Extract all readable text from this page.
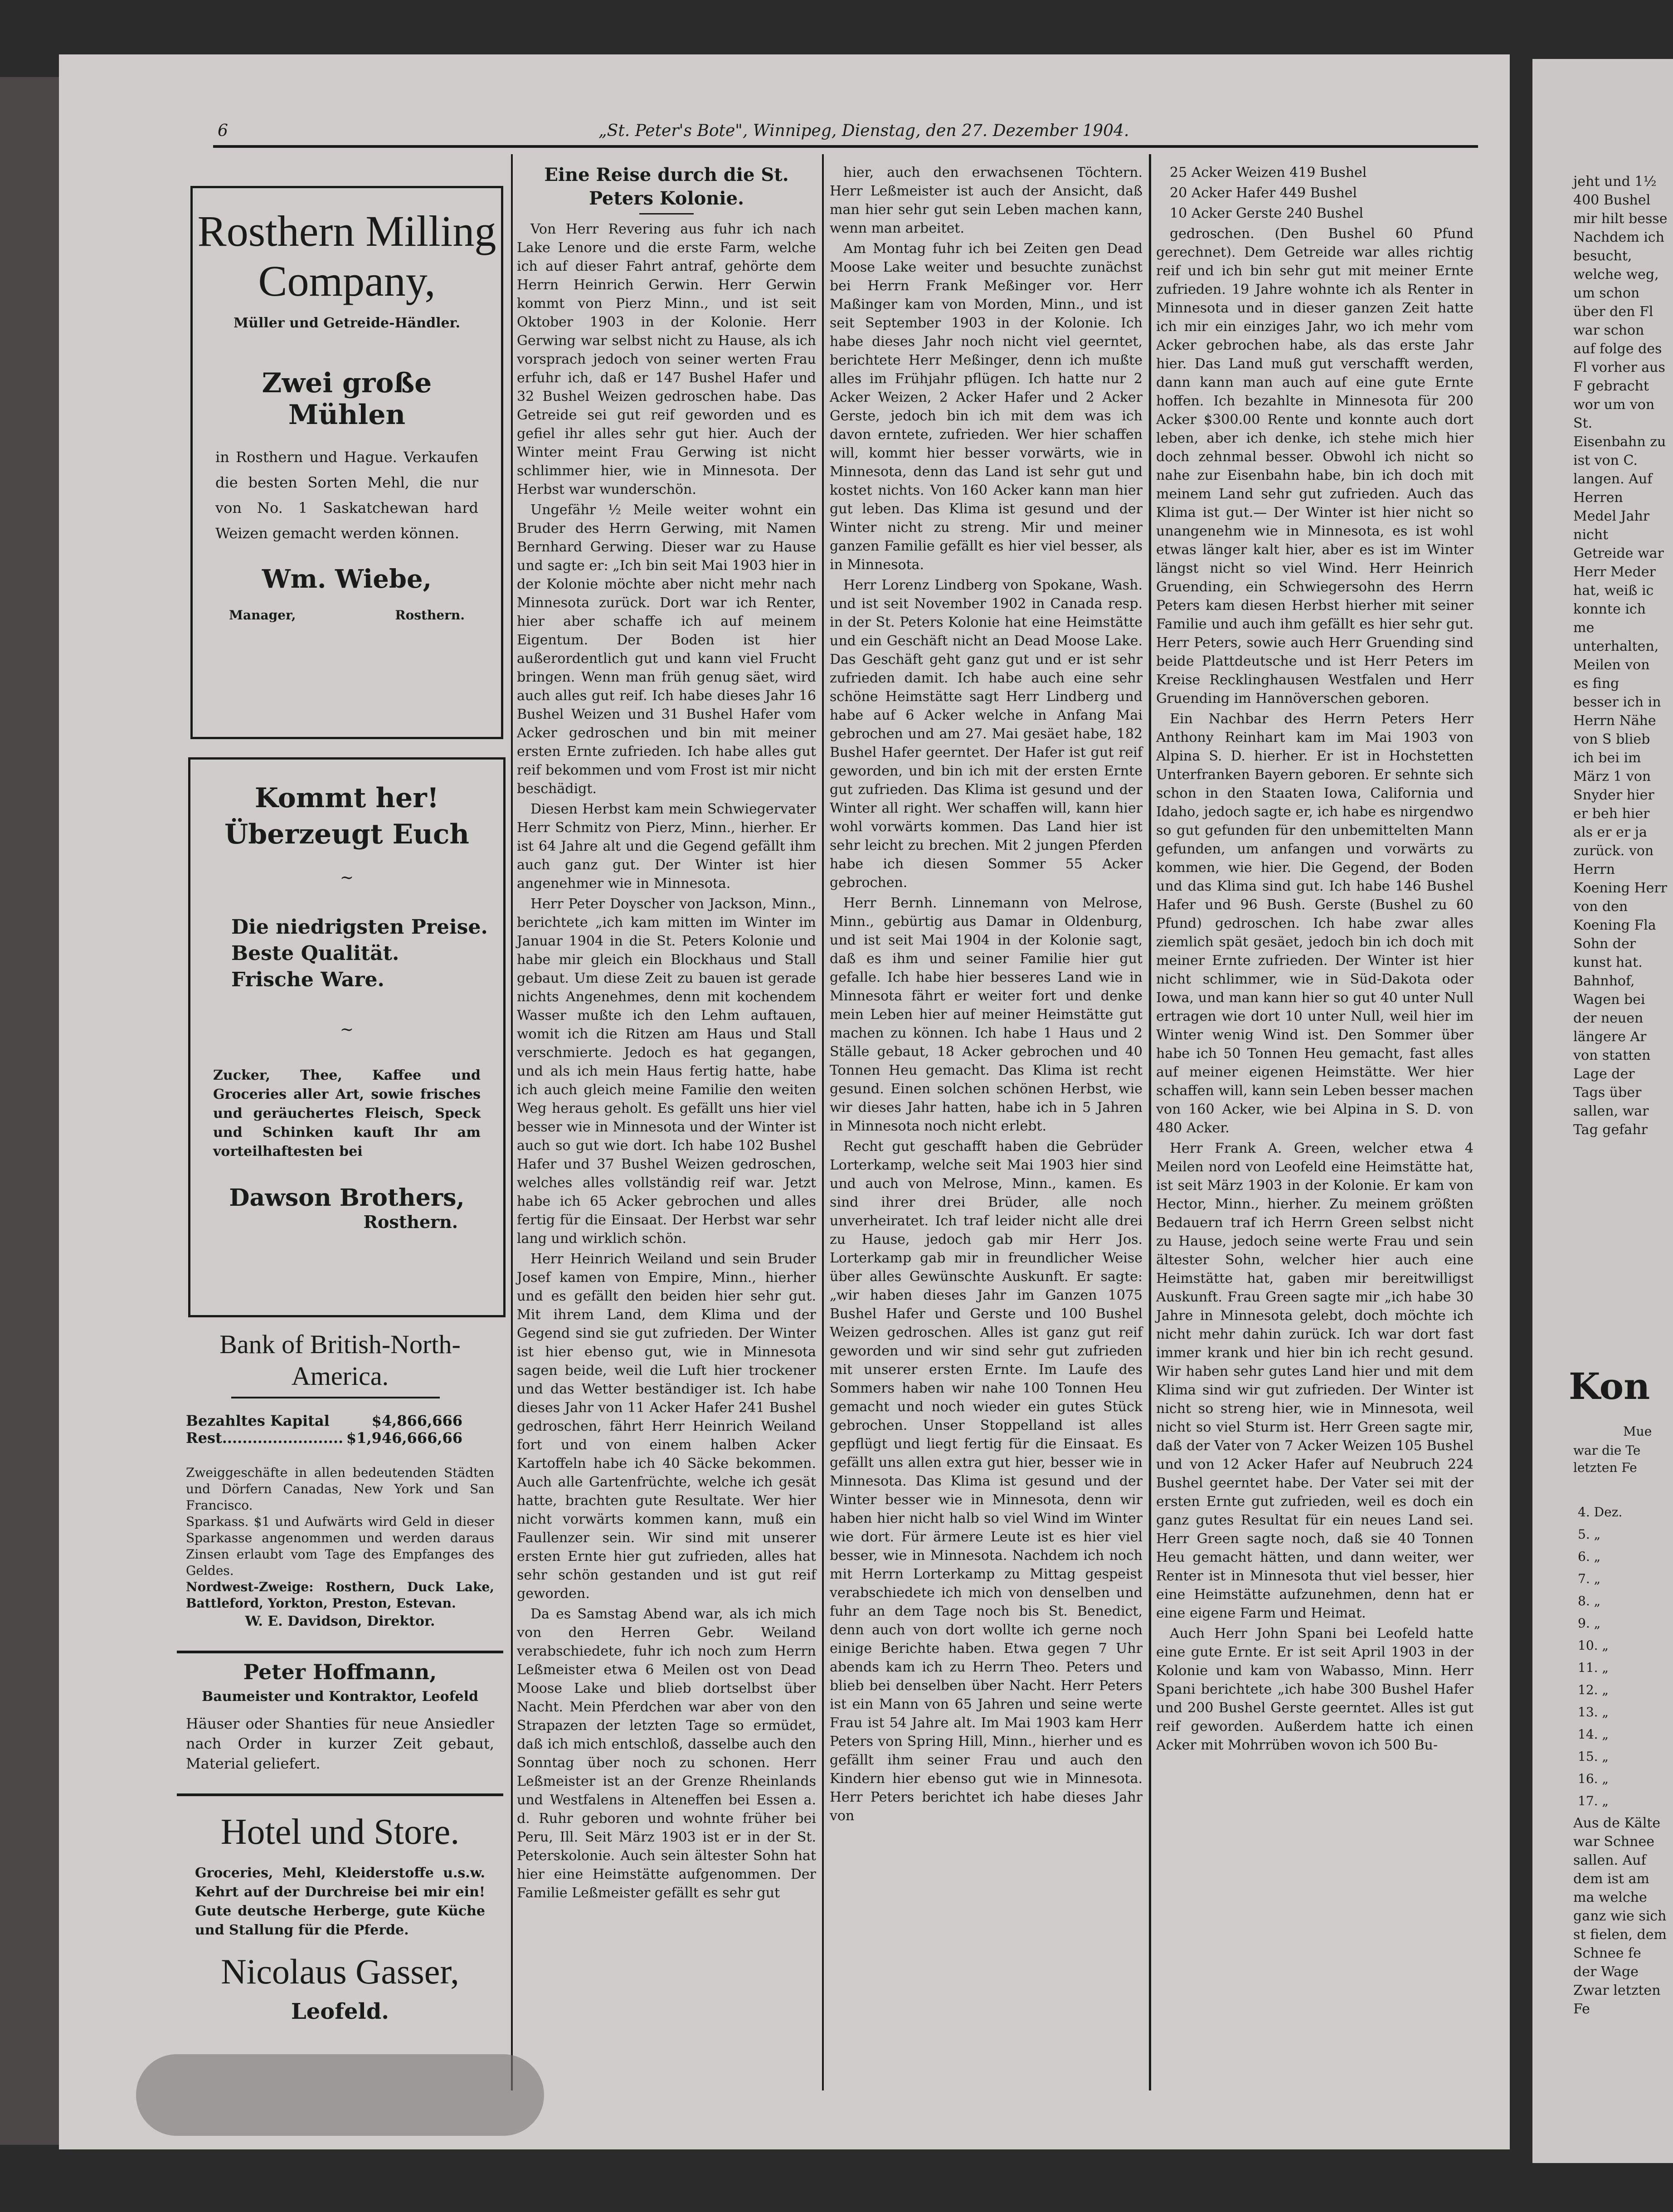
jeht und 1½ 400 Bushel mir hilt besse Nachdem ich besucht, welche weg, um schon über den Fl war schon auf folge des Fl vorher aus F gebracht wor um von St. Eisenbahn zu ist von C. langen. Auf Herren Medel Jahr nicht Getreide war Herr Meder hat, weiß ic konnte ich me unterhalten, Meilen von es fing besser ich in Herrn Nähe von S blieb ich bei im März 1 von Snyder hier er beh hier als er er ja zurück. von Herrn Koening Herr von den Koening Fla Sohn der kunst hat. Bahnhof, Wagen bei der neuen längere Ar von statten Lage der Tags über sallen, war Tag gefahr
Kon
Mue
war die Te letzten Fe
4. Dez.
5. „
6. „
7. „
8. „
9. „
10. „
11. „
12. „
13. „
14. „
15. „
16. „
17. „
Aus de Kälte war Schnee sallen. Auf dem ist am ma welche ganz wie sich st fielen, dem Schnee fe der Wage Zwar letzten Fe
6	„St. Peter's Bote", Winnipeg, Dienstag, den 27. Dezember 1904.
Rosthern Milling
Company,
Müller und Getreide-Händler.
Zwei große
Mühlen
in Rosthern und Hague. Verkaufen die besten Sorten Mehl, die nur von No. 1 Saskatchewan hard Weizen gemacht werden können.
Wm. Wiebe,
Manager,	Rosthern.
Kommt her!
Überzeugt Euch
~
Die niedrigsten Preise.
Beste Qualität.
Frische Ware.
~
Zucker, Thee, Kaffee und Groceries aller Art, sowie frisches und geräuchertes Fleisch, Speck und Schinken kauft Ihr am vorteilhaftesten bei
Dawson Brothers,
Rosthern.
Bank of British-North-America.
Bezahltes Kapital	$4,866,666
Rest........................ $1,946,666,66
Zweiggeschäfte in allen bedeutenden Städten und Dörfern Canadas, New York und San Francisco.
Sparkass. $1 und Aufwärts wird Geld in dieser Sparkasse angenommen und werden daraus Zinsen erlaubt vom Tage des Empfanges des Geldes.
Nordwest-Zweige: Rosthern, Duck Lake, Battleford, Yorkton, Preston, Estevan.
W. E. Davidson, Direktor.
Peter Hoffmann,
Baumeister und Kontraktor, Leofeld
Häuser oder Shanties für neue Ansiedler nach Order in kurzer Zeit gebaut, Material geliefert.
Hotel und Store.
Groceries, Mehl, Kleiderstoffe u.s.w. Kehrt auf der Durchreise bei mir ein! Gute deutsche Herberge, gute Küche und Stallung für die Pferde.
Nicolaus Gasser,
Leofeld.
Eine Reise durch die St. Peters Kolonie.

Von Herr Revering aus fuhr ich nach Lake Lenore und die erste Farm, welche ich auf dieser Fahrt antraf, gehörte dem Herrn Heinrich Gerwin. Herr Gerwin kommt von Pierz Minn., und ist seit Oktober 1903 in der Kolonie. Herr Gerwing war selbst nicht zu Hause, als ich vorsprach jedoch von seiner werten Frau erfuhr ich, daß er 147 Bushel Hafer und 32 Bushel Weizen gedroschen habe. Das Getreide sei gut reif geworden und es gefiel ihr alles sehr gut hier. Auch der Winter meint Frau Gerwing ist nicht schlimmer hier, wie in Minnesota. Der Herbst war wunderschön.

Ungefähr ½ Meile weiter wohnt ein Bruder des Herrn Gerwing, mit Namen Bernhard Gerwing. Dieser war zu Hause und sagte er: „Ich bin seit Mai 1903 hier in der Kolonie möchte aber nicht mehr nach Minnesota zurück. Dort war ich Renter, hier aber schaffe ich auf meinem Eigentum. Der Boden ist hier außerordentlich gut und kann viel Frucht bringen. Wenn man früh genug säet, wird auch alles gut reif. Ich habe dieses Jahr 16 Bushel Weizen und 31 Bushel Hafer vom Acker gedroschen und bin mit meiner ersten Ernte zufrieden. Ich habe alles gut reif bekommen und vom Frost ist mir nicht beschädigt.

Diesen Herbst kam mein Schwiegervater Herr Schmitz von Pierz, Minn., hierher. Er ist 64 Jahre alt und die Gegend gefällt ihm auch ganz gut. Der Winter ist hier angenehmer wie in Minnesota.

Herr Peter Doyscher von Jackson, Minn., berichtete „ich kam mitten im Winter im Januar 1904 in die St. Peters Kolonie und habe mir gleich ein Blockhaus und Stall gebaut. Um diese Zeit zu bauen ist gerade nichts Angenehmes, denn mit kochendem Wasser mußte ich den Lehm auftauen, womit ich die Ritzen am Haus und Stall verschmierte. Jedoch es hat gegangen, und als ich mein Haus fertig hatte, habe ich auch gleich meine Familie den weiten Weg heraus geholt. Es gefällt uns hier viel besser wie in Minnesota und der Winter ist auch so gut wie dort. Ich habe 102 Bushel Hafer und 37 Bushel Weizen gedroschen, welches alles vollständig reif war. Jetzt habe ich 65 Acker gebrochen und alles fertig für die Einsaat. Der Herbst war sehr lang und wirklich schön.

Herr Heinrich Weiland und sein Bruder Josef kamen von Empire, Minn., hierher und es gefällt den beiden hier sehr gut. Mit ihrem Land, dem Klima und der Gegend sind sie gut zufrieden. Der Winter ist hier ebenso gut, wie in Minnesota sagen beide, weil die Luft hier trockener und das Wetter beständiger ist. Ich habe dieses Jahr von 11 Acker Hafer 241 Bushel gedroschen, fährt Herr Heinrich Weiland fort und von einem halben Acker Kartoffeln habe ich 40 Säcke bekommen. Auch alle Gartenfrüchte, welche ich gesät hatte, brachten gute Resultate. Wer hier nicht vorwärts kommen kann, muß ein Faullenzer sein. Wir sind mit unserer ersten Ernte hier gut zufrieden, alles hat sehr schön gestanden und ist gut reif geworden.

Da es Samstag Abend war, als ich mich von den Herren Gebr. Weiland verabschiedete, fuhr ich noch zum Herrn Leßmeister etwa 6 Meilen ost von Dead Moose Lake und blieb dortselbst über Nacht. Mein Pferdchen war aber von den Strapazen der letzten Tage so ermüdet, daß ich mich entschloß, dasselbe auch den Sonntag über noch zu schonen. Herr Leßmeister ist an der Grenze Rheinlands und Westfalens in Alteneffen bei Essen a. d. Ruhr geboren und wohnte früher bei Peru, Ill. Seit März 1903 ist er in der St. Peterskolonie. Auch sein ältester Sohn hat hier eine Heimstätte aufgenommen. Der Familie Leßmeister gefällt es sehr gut

hier, auch den erwachsenen Töchtern. Herr Leßmeister ist auch der Ansicht, daß man hier sehr gut sein Leben machen kann, wenn man arbeitet.

Am Montag fuhr ich bei Zeiten gen Dead Moose Lake weiter und besuchte zunächst bei Herrn Frank Meßinger vor. Herr Maßinger kam von Morden, Minn., und ist seit September 1903 in der Kolonie. Ich habe dieses Jahr noch nicht viel geerntet, berichtete Herr Meßinger, denn ich mußte alles im Frühjahr pflügen. Ich hatte nur 2 Acker Weizen, 2 Acker Hafer und 2 Acker Gerste, jedoch bin ich mit dem was ich davon erntete, zufrieden. Wer hier schaffen will, kommt hier besser vorwärts, wie in Minnesota, denn das Land ist sehr gut und kostet nichts. Von 160 Acker kann man hier gut leben. Das Klima ist gesund und der Winter nicht zu streng. Mir und meiner ganzen Familie gefällt es hier viel besser, als in Minnesota.

Herr Lorenz Lindberg von Spokane, Wash. und ist seit November 1902 in Canada resp. in der St. Peters Kolonie hat eine Heimstätte und ein Geschäft nicht an Dead Moose Lake. Das Geschäft geht ganz gut und er ist sehr zufrieden damit. Ich habe auch eine sehr schöne Heimstätte sagt Herr Lindberg und habe auf 6 Acker welche in Anfang Mai gebrochen und am 27. Mai gesäet habe, 182 Bushel Hafer geerntet. Der Hafer ist gut reif geworden, und bin ich mit der ersten Ernte gut zufrieden. Das Klima ist gesund und der Winter all right. Wer schaffen will, kann hier wohl vorwärts kommen. Das Land hier ist sehr leicht zu brechen. Mit 2 jungen Pferden habe ich diesen Sommer 55 Acker gebrochen.

Herr Bernh. Linnemann von Melrose, Minn., gebürtig aus Damar in Oldenburg, und ist seit Mai 1904 in der Kolonie sagt, daß es ihm und seiner Familie hier gut gefalle. Ich habe hier besseres Land wie in Minnesota fährt er weiter fort und denke mein Leben hier auf meiner Heimstätte gut machen zu können. Ich habe 1 Haus und 2 Ställe gebaut, 18 Acker gebrochen und 40 Tonnen Heu gemacht. Das Klima ist recht gesund. Einen solchen schönen Herbst, wie wir dieses Jahr hatten, habe ich in 5 Jahren in Minnesota noch nicht erlebt.

Recht gut geschafft haben die Gebrüder Lorterkamp, welche seit Mai 1903 hier sind und auch von Melrose, Minn., kamen. Es sind ihrer drei Brüder, alle noch unverheiratet. Ich traf leider nicht alle drei zu Hause, jedoch gab mir Herr Jos. Lorterkamp gab mir in freundlicher Weise über alles Gewünschte Auskunft. Er sagte: „wir haben dieses Jahr im Ganzen 1075 Bushel Hafer und Gerste und 100 Bushel Weizen gedroschen. Alles ist ganz gut reif geworden und wir sind sehr gut zufrieden mit unserer ersten Ernte. Im Laufe des Sommers haben wir nahe 100 Tonnen Heu gemacht und noch wieder ein gutes Stück gebrochen. Unser Stoppelland ist alles gepflügt und liegt fertig für die Einsaat. Es gefällt uns allen extra gut hier, besser wie in Minnesota. Das Klima ist gesund und der Winter besser wie in Minnesota, denn wir haben hier nicht halb so viel Wind im Winter wie dort. Für ärmere Leute ist es hier viel besser, wie in Minnesota. Nachdem ich noch mit Herrn Lorterkamp zu Mittag gespeist verabschiedete ich mich von denselben und fuhr an dem Tage noch bis St. Benedict, denn auch von dort wollte ich gerne noch einige Berichte haben. Etwa gegen 7 Uhr abends kam ich zu Herrn Theo. Peters und blieb bei denselben über Nacht. Herr Peters ist ein Mann von 65 Jahren und seine werte Frau ist 54 Jahre alt. Im Mai 1903 kam Herr Peters von Spring Hill, Minn., hierher und es gefällt ihm seiner Frau und auch den Kindern hier ebenso gut wie in Minnesota. Herr Peters berichtet ich habe dieses Jahr von

25 Acker Weizen 419 Bushel

20 Acker Hafer 449 Bushel

10 Acker Gerste 240 Bushel

gedroschen. (Den Bushel 60 Pfund gerechnet). Dem Getreide war alles richtig reif und ich bin sehr gut mit meiner Ernte zufrieden. 19 Jahre wohnte ich als Renter in Minnesota und in dieser ganzen Zeit hatte ich mir ein einziges Jahr, wo ich mehr vom Acker gebrochen habe, als das erste Jahr hier. Das Land muß gut verschafft werden, dann kann man auch auf eine gute Ernte hoffen. Ich bezahlte in Minnesota für 200 Acker $300.00 Rente und konnte auch dort leben, aber ich denke, ich stehe mich hier doch zehnmal besser. Obwohl ich nicht so nahe zur Eisenbahn habe, bin ich doch mit meinem Land sehr gut zufrieden. Auch das Klima ist gut.— Der Winter ist hier nicht so unangenehm wie in Minnesota, es ist wohl etwas länger kalt hier, aber es ist im Winter längst nicht so viel Wind. Herr Heinrich Gruending, ein Schwiegersohn des Herrn Peters kam diesen Herbst hierher mit seiner Familie und auch ihm gefällt es hier sehr gut. Herr Peters, sowie auch Herr Gruending sind beide Plattdeutsche und ist Herr Peters im Kreise Recklinghausen Westfalen und Herr Gruending im Hannöverschen geboren.

Ein Nachbar des Herrn Peters Herr Anthony Reinhart kam im Mai 1903 von Alpina S. D. hierher. Er ist in Hochstetten Unterfranken Bayern geboren. Er sehnte sich schon in den Staaten Iowa, California und Idaho, jedoch sagte er, ich habe es nirgendwo so gut gefunden für den unbemittelten Mann gefunden, um anfangen und vorwärts zu kommen, wie hier. Die Gegend, der Boden und das Klima sind gut. Ich habe 146 Bushel Hafer und 96 Bush. Gerste (Bushel zu 60 Pfund) gedroschen. Ich habe zwar alles ziemlich spät gesäet, jedoch bin ich doch mit meiner Ernte zufrieden. Der Winter ist hier nicht schlimmer, wie in Süd-Dakota oder Iowa, und man kann hier so gut 40 unter Null ertragen wie dort 10 unter Null, weil hier im Winter wenig Wind ist. Den Sommer über habe ich 50 Tonnen Heu gemacht, fast alles auf meiner eigenen Heimstätte. Wer hier schaffen will, kann sein Leben besser machen von 160 Acker, wie bei Alpina in S. D. von 480 Acker.

Herr Frank A. Green, welcher etwa 4 Meilen nord von Leofeld eine Heimstätte hat, ist seit März 1903 in der Kolonie. Er kam von Hector, Minn., hierher. Zu meinem größten Bedauern traf ich Herrn Green selbst nicht zu Hause, jedoch seine werte Frau und sein ältester Sohn, welcher hier auch eine Heimstätte hat, gaben mir bereitwilligst Auskunft. Frau Green sagte mir „ich habe 30 Jahre in Minnesota gelebt, doch möchte ich nicht mehr dahin zurück. Ich war dort fast immer krank und hier bin ich recht gesund. Wir haben sehr gutes Land hier und mit dem Klima sind wir gut zufrieden. Der Winter ist nicht so streng hier, wie in Minnesota, weil nicht so viel Sturm ist. Herr Green sagte mir, daß der Vater von 7 Acker Weizen 105 Bushel und von 12 Acker Hafer auf Neubruch 224 Bushel geerntet habe. Der Vater sei mit der ersten Ernte gut zufrieden, weil es doch ein ganz gutes Resultat für ein neues Land sei. Herr Green sagte noch, daß sie 40 Tonnen Heu gemacht hätten, und dann weiter, wer Renter ist in Minnesota thut viel besser, hier eine Heimstätte aufzunehmen, denn hat er eine eigene Farm und Heimat.

Auch Herr John Spani bei Leofeld hatte eine gute Ernte. Er ist seit April 1903 in der Kolonie und kam von Wabasso, Minn. Herr Spani berichtete „ich habe 300 Bushel Hafer und 200 Bushel Gerste geerntet. Alles ist gut reif geworden. Außerdem hatte ich einen Acker mit Mohrrüben wovon ich 500 Bu-
